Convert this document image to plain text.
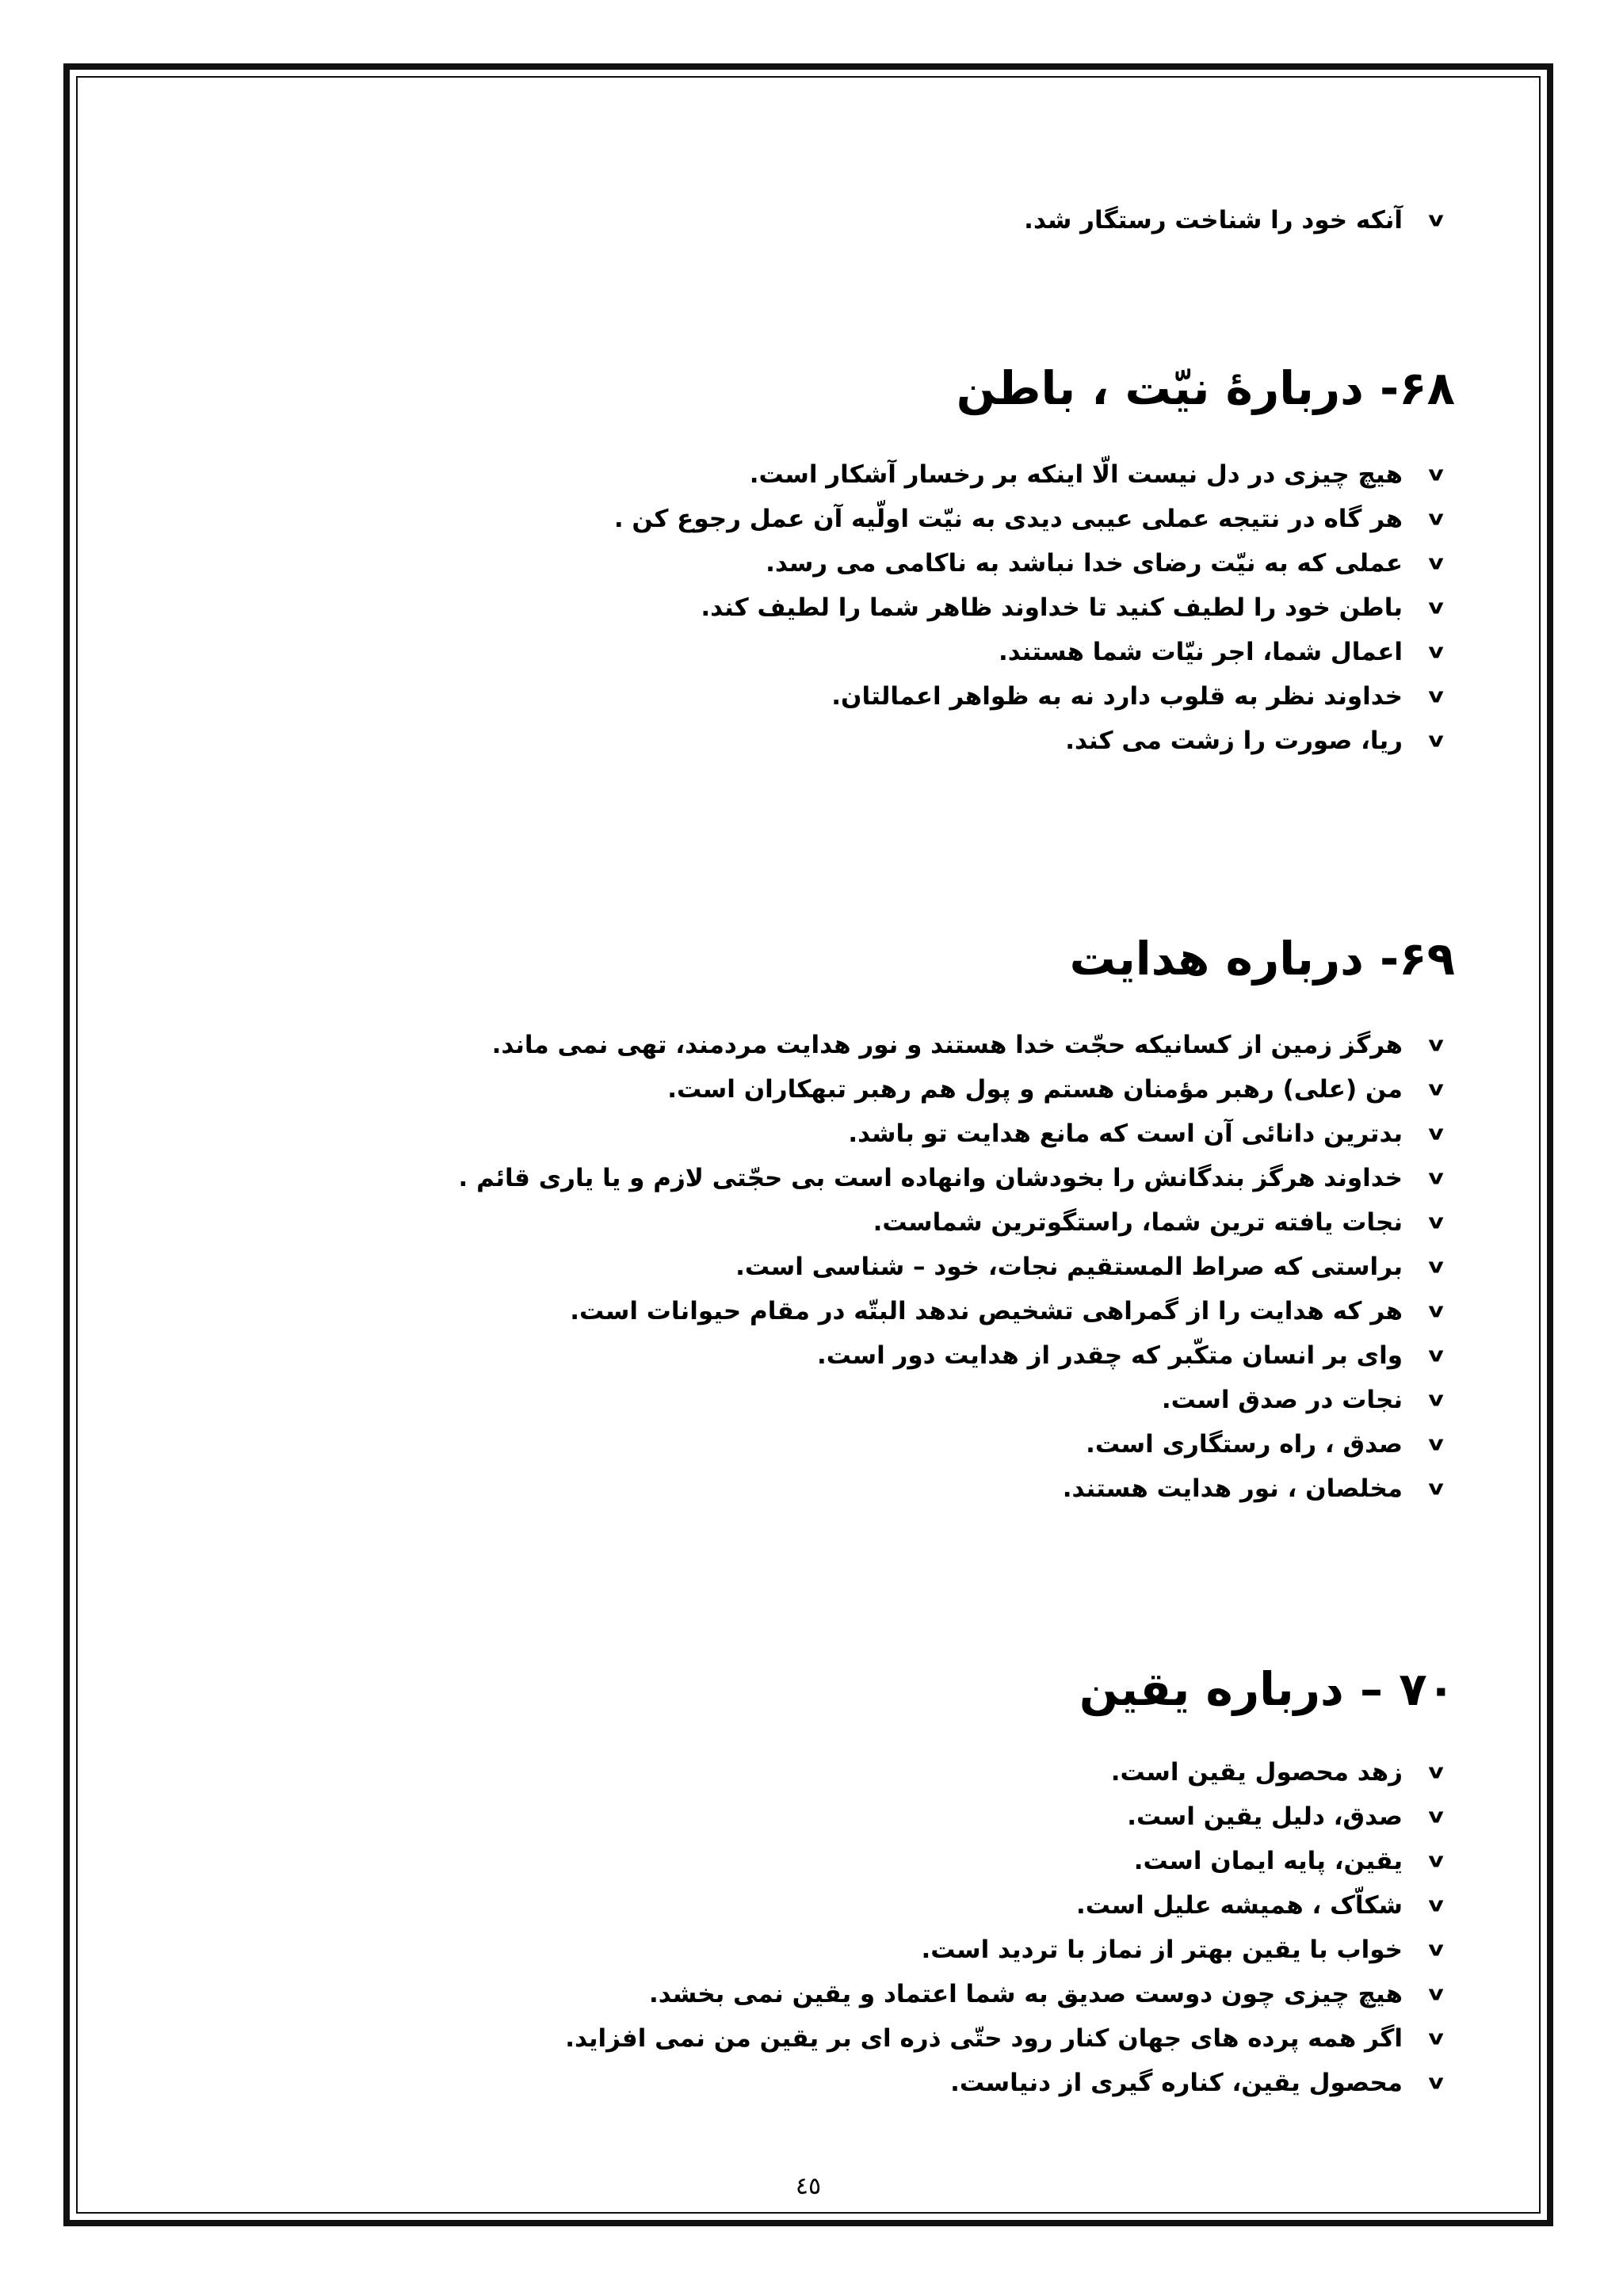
v
آنکه خود را شناخت رستگار شد.
۶۸- دربارۀ نیّت ، باطن
v
هیچ چیزی در دل نیست الّا اینکه بر رخسار آشکار است.
v
هر گاه در نتیجه عملی عیبی دیدی به نیّت اولّیه آن عمل رجوع کن .
v
عملی که به نیّت رضای خدا نباشد به ناکامی می رسد.
v
باطن خود را لطیف کنید تا خداوند ظاهر شما را لطیف کند.
v
اعمال شما، اجر نیّات شما هستند.
v
خداوند نظر به قلوب دارد نه به ظواهر اعمالتان.
v
ریا، صورت را زشت می کند.
۶۹- درباره هدایت
v
هرگز زمین از کسانیکه حجّت خدا هستند و نور هدایت مردمند، تهی نمی ماند.
v
من (علی) رهبر مؤمنان هستم و پول هم رهبر تبهکاران است.
v
بدترین دانائی آن است که مانع هدایت تو باشد.
v
خداوند هرگز بندگانش را بخودشان وانهاده است بی حجّتی لازم و یا یاری قائم .
v
نجات یافته ترین شما، راستگوترین شماست.
v
براستی که صراط المستقیم نجات، خود – شناسی است.
v
هر که هدایت را از گمراهی تشخیص ندهد البتّه در مقام حیوانات است.
v
وای بر انسان متکّبر که چقدر از هدایت دور است.
v
نجات در صدق است.
v
صدق ، راه رستگاری است.
v
مخلصان ، نور هدایت هستند.
۷۰ – درباره یقین
v
زهد محصول یقین است.
v
صدق، دلیل یقین است.
v
یقین، پایه ایمان است.
v
شکاّک ، همیشه علیل است.
v
خواب با یقین بهتر از نماز با تردید است.
v
هیچ چیزی چون دوست صدیق به شما اعتماد و یقین نمی بخشد.
v
اگر همه پرده های جهان کنار رود حتّی ذره ای بر یقین من نمی افزاید.
v
محصول یقین، کناره گیری از دنیاست.
٤٥
